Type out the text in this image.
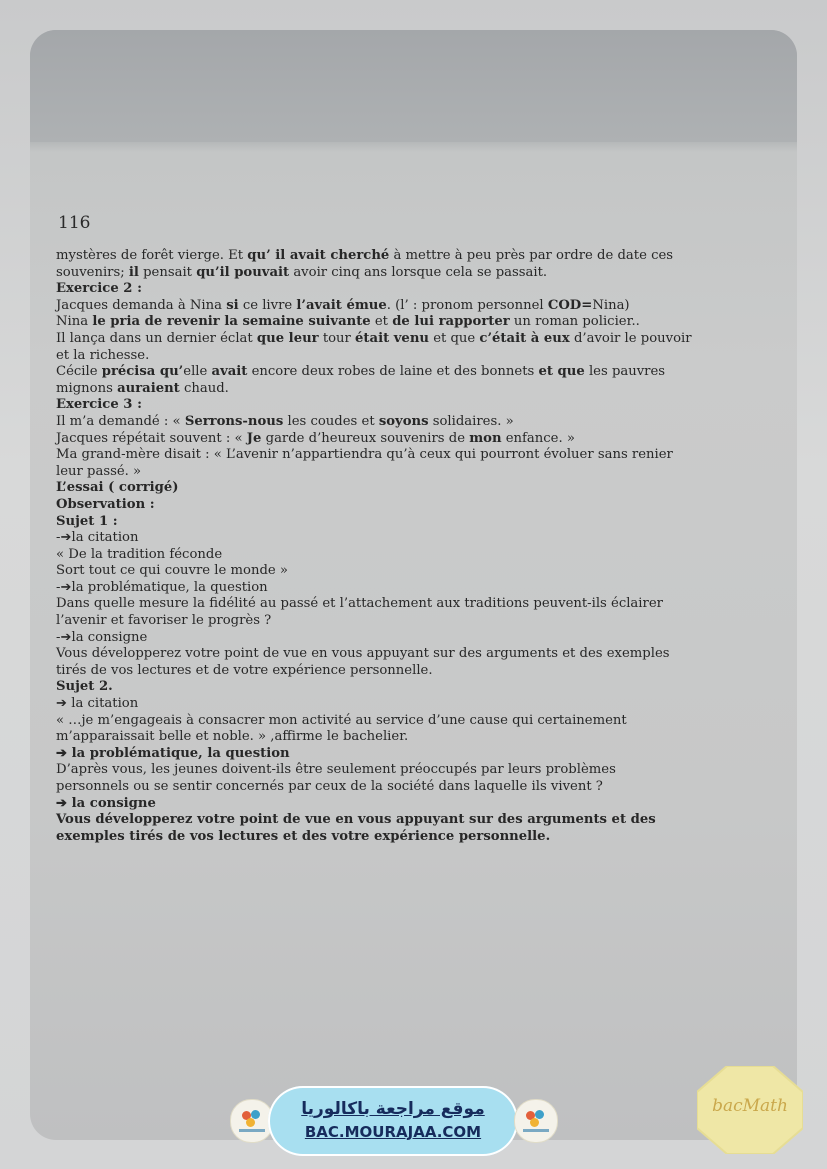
116
mystères de forêt vierge. Et qu’ il avait cherché à mettre à peu près par ordre de date ces
souvenirs; il pensait qu’il pouvait avoir cinq ans lorsque cela se passait.
Exercice 2 :
Jacques demanda à Nina si ce livre l’avait émue. (l’ : pronom personnel COD=Nina)
Nina le pria de revenir la semaine suivante et de lui rapporter un roman policier..
Il lança dans un dernier éclat que leur tour était venu et que c’était à eux d’avoir le pouvoir
et la richesse.
Cécile précisa qu’elle avait encore deux robes de laine et des bonnets et que les pauvres
mignons auraient chaud.
Exercice 3 :
Il m’a demandé : « Serrons-nous les coudes et soyons solidaires. »
Jacques répétait souvent : « Je garde d’heureux souvenirs de mon enfance. »
Ma grand-mère disait : « L’avenir n’appartiendra qu’à ceux qui pourront évoluer sans renier
leur passé. »
L’essai ( corrigé)
Observation :
Sujet 1 :
-➔la citation
« De la tradition féconde
Sort tout ce qui couvre le monde »
-➔la problématique, la question
Dans quelle mesure la fidélité au passé et l’attachement aux traditions peuvent-ils éclairer
l’avenir et favoriser le progrès ?
-➔la consigne
Vous développerez votre point de vue en vous appuyant sur des arguments et des exemples
tirés de vos lectures et de votre expérience personnelle.
Sujet 2.
➔ la citation
« …je m’engageais à consacrer mon activité au service d’une cause qui certainement
m’apparaissait belle et noble. » ,affirme le bachelier.
➔ la problématique, la question
D’après vous, les jeunes doivent-ils être seulement préoccupés par leurs problèmes
personnels ou se sentir concernés par ceux de la société dans laquelle ils vivent ?
➔ la consigne
Vous développerez votre point de vue en vous appuyant sur des arguments et des
exemples tirés de vos lectures et des votre expérience personnelle.
موقع مراجعة باكالوريا
BAC.MOURAJAA.COM
bacMath
